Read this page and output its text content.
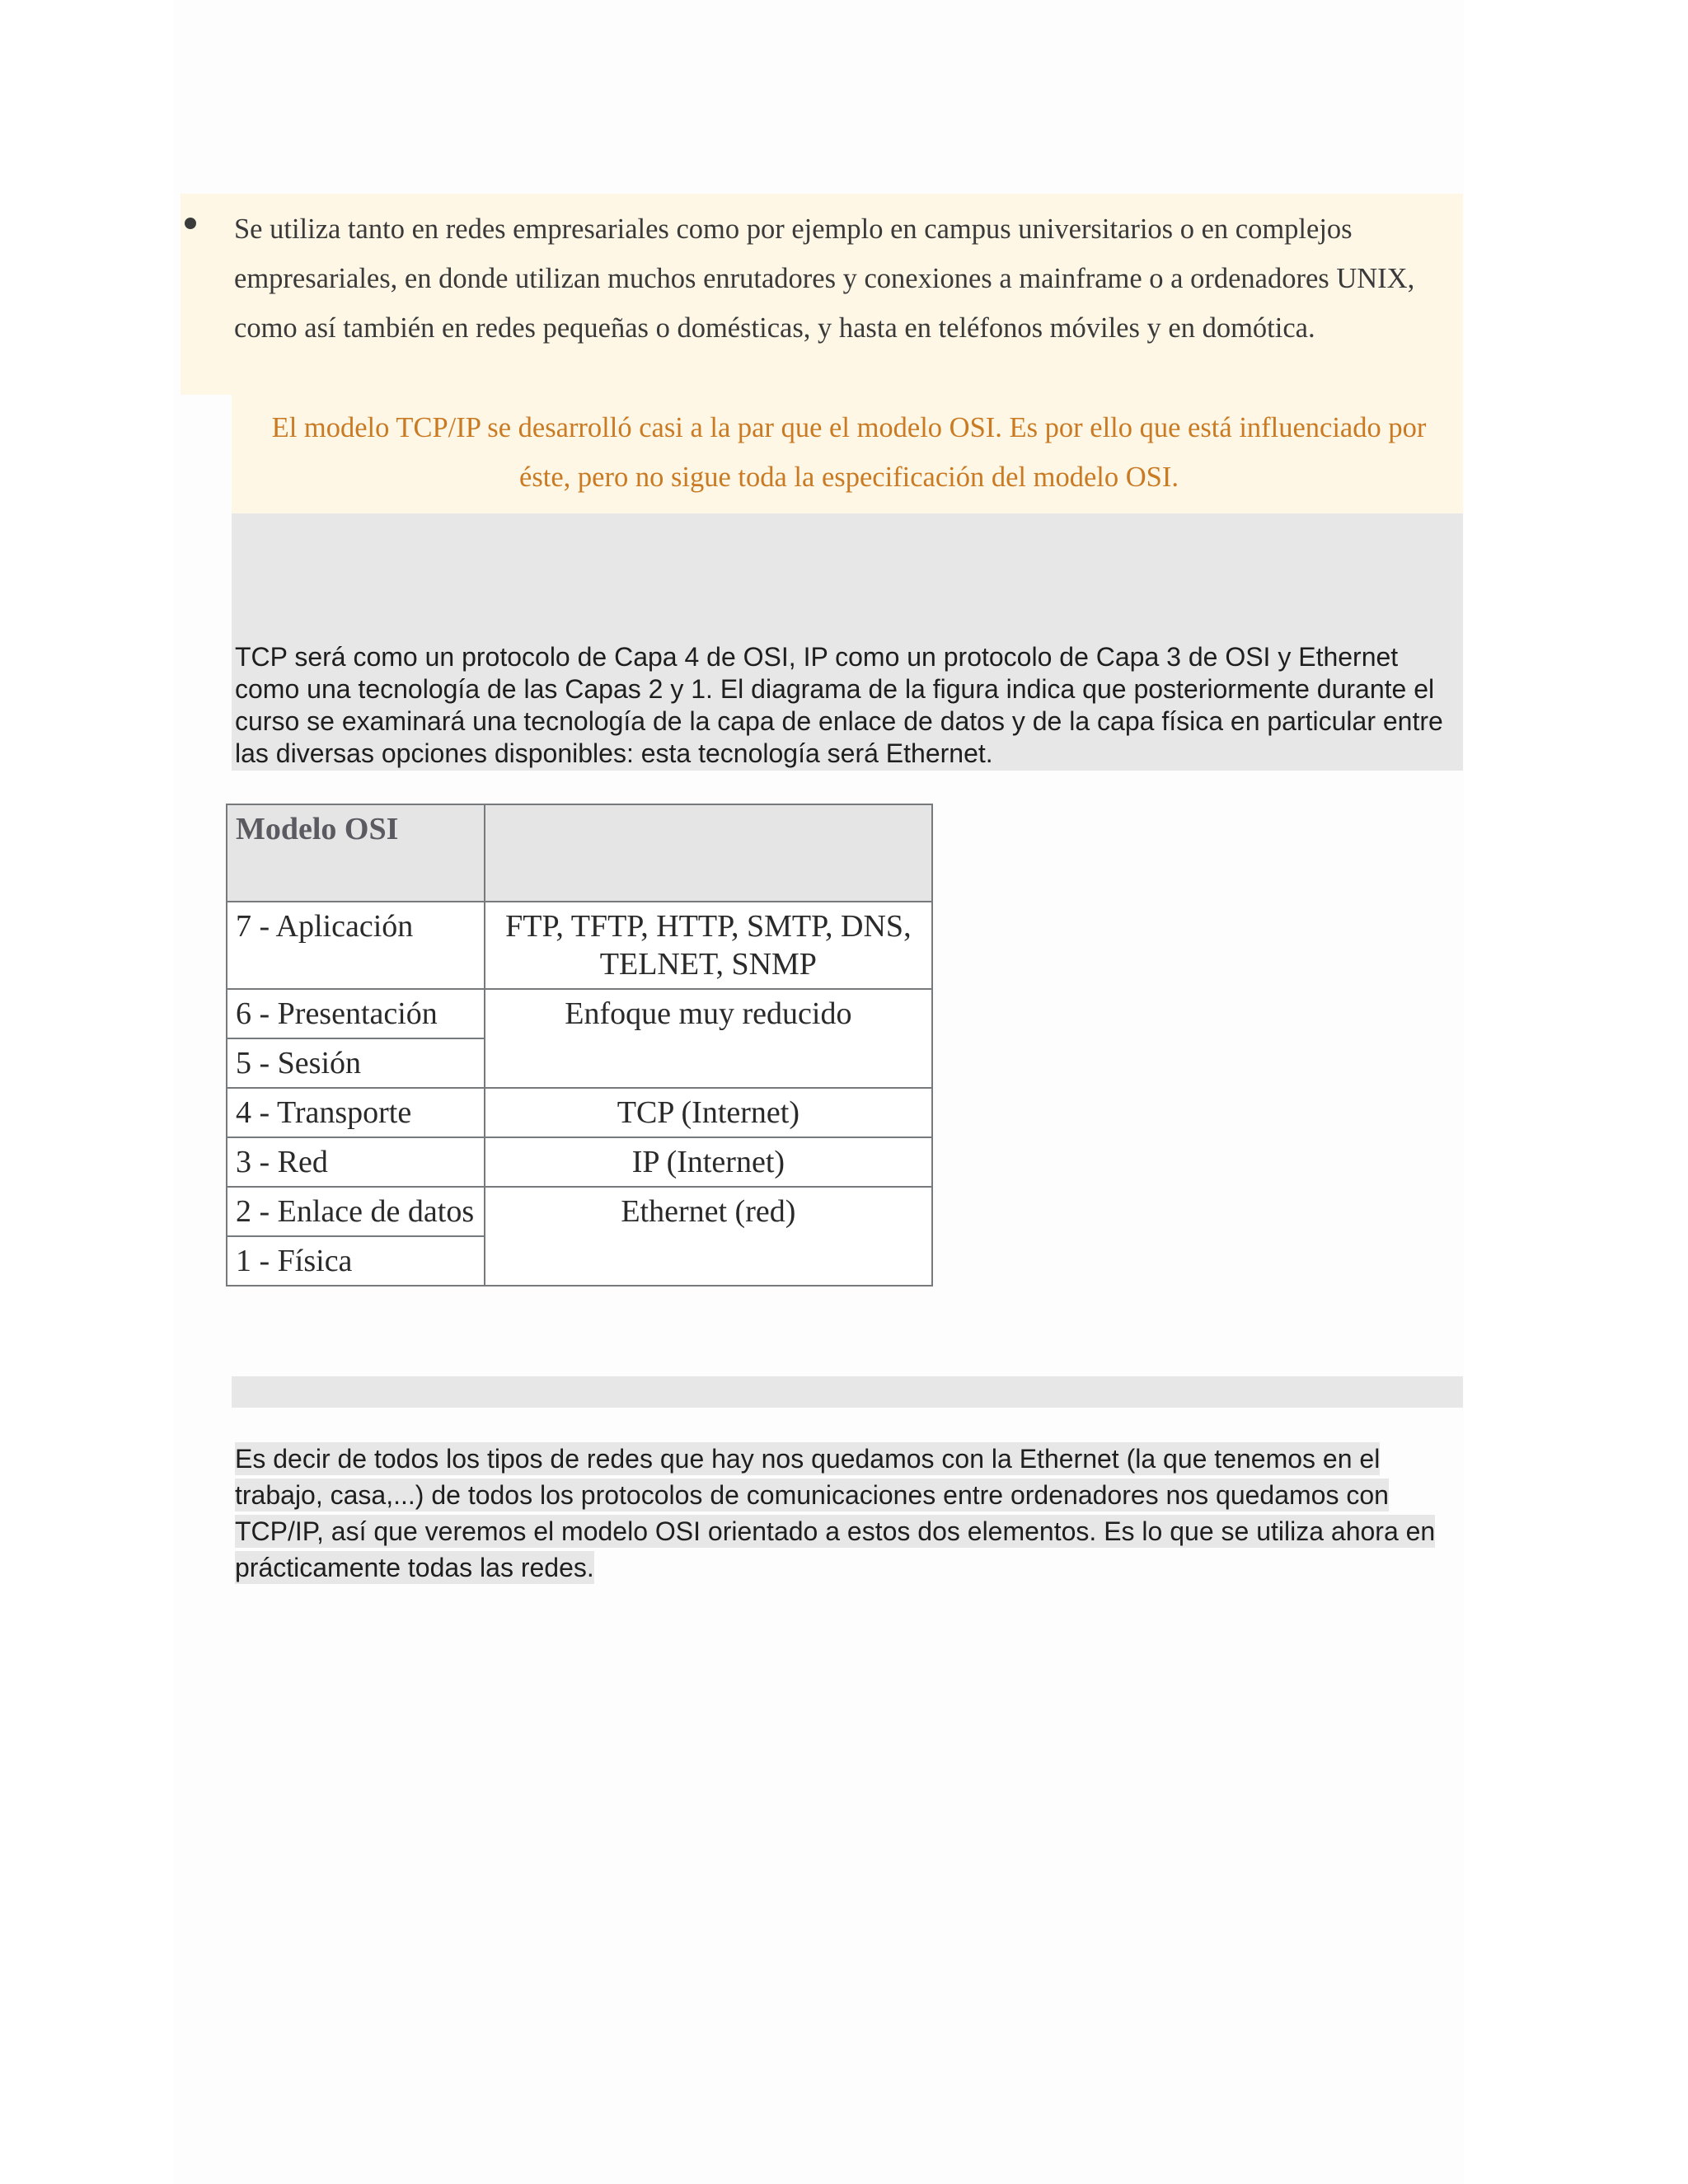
Se utiliza tanto en redes empresariales como por ejemplo en campus universitarios o en complejos empresariales, en donde utilizan muchos enrutadores y conexiones a mainframe o a ordenadores UNIX, como así también en redes pequeñas o domésticas, y hasta en teléfonos móviles y en domótica.

El modelo TCP/IP se desarrolló casi a la par que el modelo OSI. Es por ello que está influenciado por éste, pero no sigue toda la especificación del modelo OSI.

TCP será como un protocolo de Capa 4 de OSI, IP como un protocolo de Capa 3 de OSI y Ethernet como una tecnología de las Capas 2 y 1. El diagrama de la figura indica que posteriormente durante el curso se examinará una tecnología de la capa de enlace de datos y de la capa física en particular entre las diversas opciones disponibles: esta tecnología será Ethernet.

Modelo OSI	
7 - Aplicación	FTP, TFTP, HTTP, SMTP, DNS, TELNET, SNMP
6 - Presentación	Enfoque muy reducido
5 - Sesión	
4 - Transporte	TCP (Internet)
3 - Red	IP (Internet)
2 - Enlace de datos	Ethernet (red)
1 - Física	

Es decir de todos los tipos de redes que hay nos quedamos con la Ethernet (la que tenemos en el trabajo, casa,...) de todos los protocolos de comunicaciones entre ordenadores nos quedamos con TCP/IP, así que veremos el modelo OSI orientado a estos dos elementos. Es lo que se utiliza ahora en prácticamente todas las redes.
